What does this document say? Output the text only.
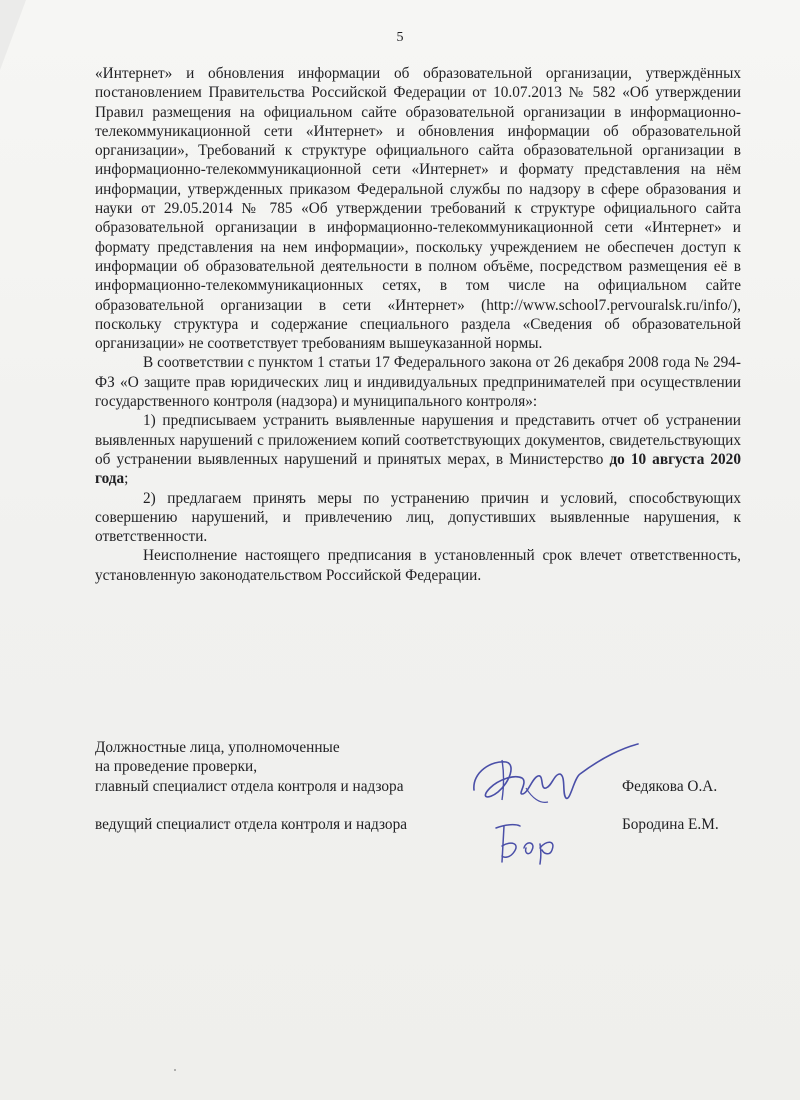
5

«Интернет» и обновления информации об образовательной организации, утверждённых постановлением Правительства Российской Федерации от 10.07.2013 № 582 «Об утверждении Правил размещения на официальном сайте образовательной организации в информационно-телекоммуникационной сети «Интернет» и обновления информации об образовательной организации», Требований к структуре официального сайта образовательной организации в информационно-телекоммуникационной сети «Интернет» и формату представления на нём информации, утвержденных приказом Федеральной службы по надзору в сфере образования и науки от 29.05.2014 № 785 «Об утверждении требований к структуре официального сайта образовательной организации в информационно-телекоммуникационной сети «Интернет» и формату представления на нем информации», поскольку учреждением не обеспечен доступ к информации об образовательной деятельности в полном объёме, посредством размещения её в информационно-телекоммуникационных сетях, в том числе на официальном сайте образовательной организации в сети «Интернет» (http://www.school7.pervouralsk.ru/info/), поскольку структура и содержание специального раздела «Сведения об образовательной организации» не соответствует требованиям вышеуказанной нормы.

В соответствии с пунктом 1 статьи 17 Федерального закона от 26 декабря 2008 года № 294-ФЗ «О защите прав юридических лиц и индивидуальных предпринимателей при осуществлении государственного контроля (надзора) и муниципального контроля»:

1) предписываем устранить выявленные нарушения и представить отчет об устранении выявленных нарушений с приложением копий соответствующих документов, свидетельствующих об устранении выявленных нарушений и принятых мерах, в Министерство до 10 августа 2020 года;

2) предлагаем принять меры по устранению причин и условий, способствующих совершению нарушений, и привлечению лиц, допустивших выявленные нарушения, к ответственности.

Неисполнение настоящего предписания в установленный срок влечет ответственность, установленную законодательством Российской Федерации.

Должностные лица, уполномоченные
на проведение проверки,
главный специалист отдела контроля и надзора	Федякова О.А.
ведущий специалист отдела контроля и надзора	Бородина Е.М.
